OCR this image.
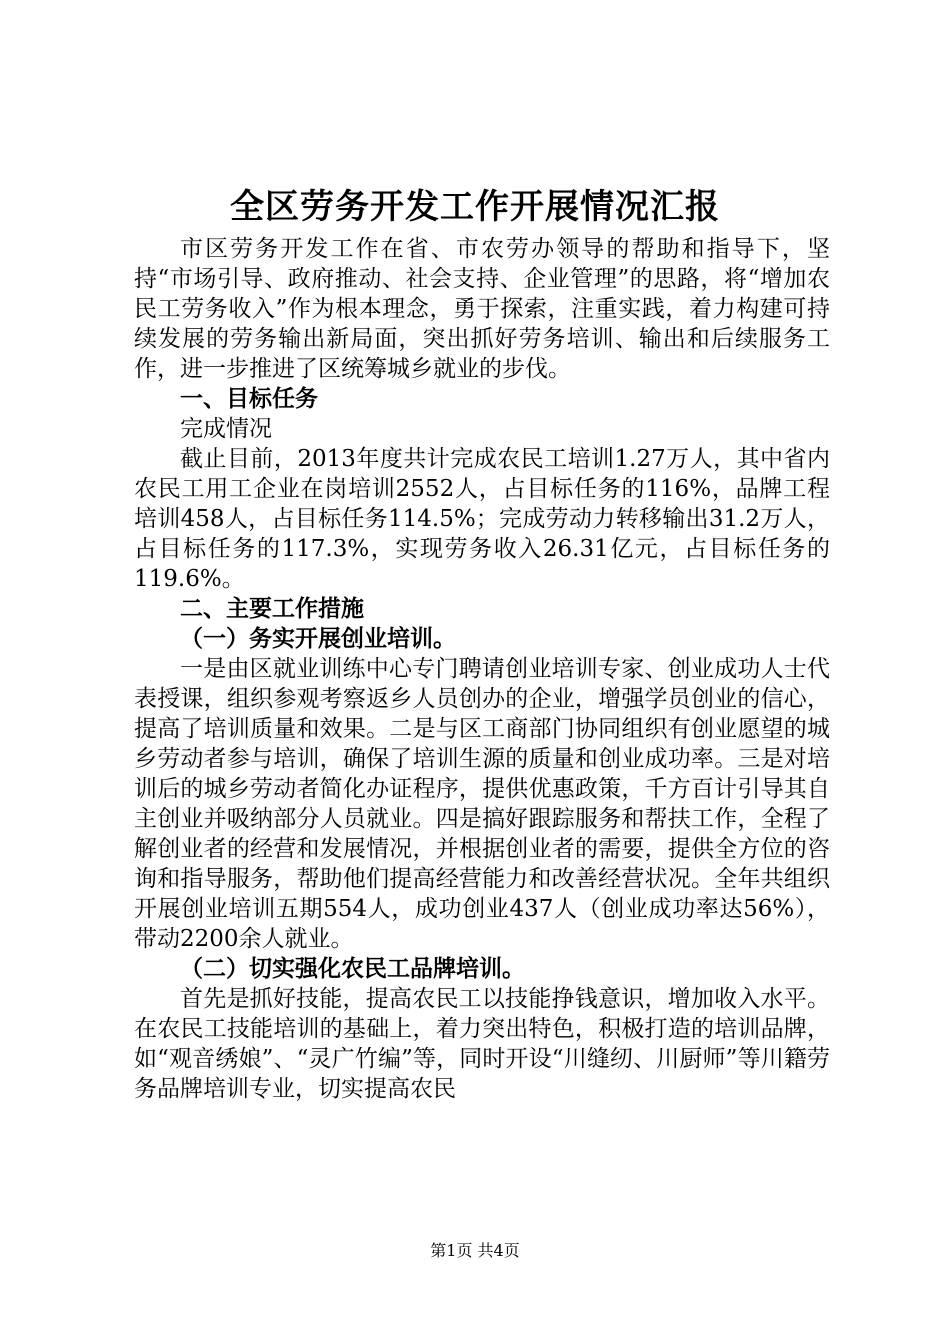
全区劳务开发工作开展情况汇报

市区劳务开发工作在省、市农劳办领导的帮助和指导下，坚持“市场引导、政府推动、社会支持、企业管理”的思路，将“增加农民工劳务收入”作为根本理念，勇于探索，注重实践，着力构建可持续发展的劳务输出新局面，突出抓好劳务培训、输出和后续服务工作，进一步推进了区统筹城乡就业的步伐。

一、目标任务

完成情况

截止目前，2013年度共计完成农民工培训1.27万人，其中省内农民工用工企业在岗培训2552人，占目标任务的116%，品牌工程培训458人，占目标任务114.5%；完成劳动力转移输出31.2万人，占目标任务的117.3%，实现劳务收入26.31亿元，占目标任务的119.6%。

二、主要工作措施

（一）务实开展创业培训。

一是由区就业训练中心专门聘请创业培训专家、创业成功人士代表授课，组织参观考察返乡人员创办的企业，增强学员创业的信心，提高了培训质量和效果。二是与区工商部门协同组织有创业愿望的城乡劳动者参与培训，确保了培训生源的质量和创业成功率。三是对培训后的城乡劳动者简化办证程序，提供优惠政策，千方百计引导其自主创业并吸纳部分人员就业。四是搞好跟踪服务和帮扶工作，全程了解创业者的经营和发展情况，并根据创业者的需要，提供全方位的咨询和指导服务，帮助他们提高经营能力和改善经营状况。全年共组织开展创业培训五期554人，成功创业437人（创业成功率达56%），带动2200余人就业。

（二）切实强化农民工品牌培训。

首先是抓好技能，提高农民工以技能挣钱意识，增加收入水平。在农民工技能培训的基础上，着力突出特色，积极打造的培训品牌，如“观音绣娘”、“灵广竹编”等，同时开设“川缝纫、川厨师”等川籍劳务品牌培训专业，切实提高农民

第1页 共4页
